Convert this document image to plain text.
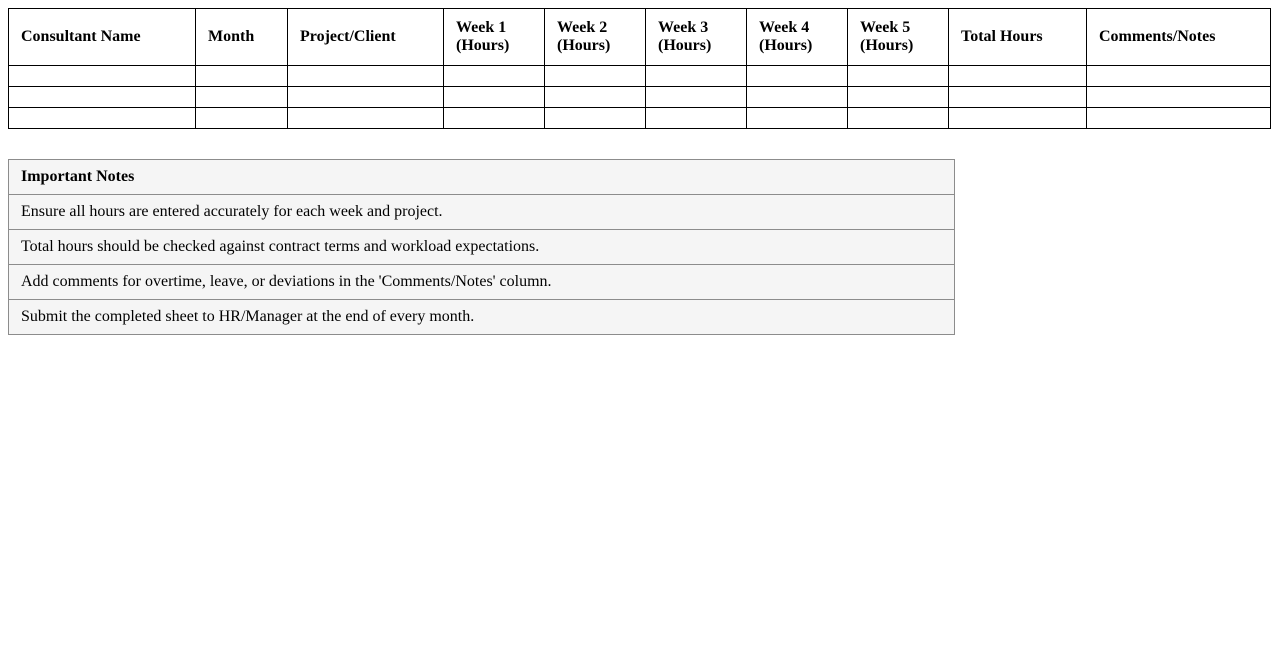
Consultant Name	Month	Project/Client	Week 1 (Hours)	Week 2 (Hours)	Week 3 (Hours)	Week 4 (Hours)	Week 5 (Hours)	Total Hours	Comments/Notes

Important Notes
Ensure all hours are entered accurately for each week and project.
Total hours should be checked against contract terms and workload expectations.
Add comments for overtime, leave, or deviations in the 'Comments/Notes' column.
Submit the completed sheet to HR/Manager at the end of every month.
